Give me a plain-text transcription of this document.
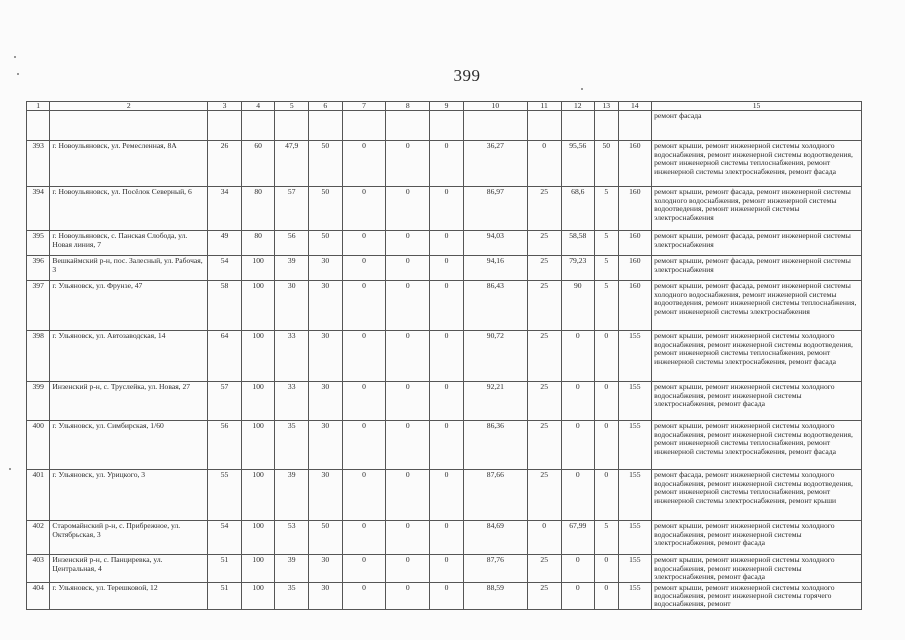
399
1	2	3	4	5	6	7	8	9	10	11	12	13	14	15
														ремонт фасада
393	г. Новоульяновск, ул. Ремесленная, 8А	26	60	47,9	50	0	0	0	36,27	0	95,56	50	160	ремонт крыши, ремонт инженерной системы холодного водоснабжения, ремонт инженерной системы водоотведения, ремонт инженерной системы теплоснабжения, ремонт инженерной системы электроснабжения, ремонт фасада
394	г. Новоульяновск, ул. Посёлок Северный, 6	34	80	57	50	0	0	0	86,97	25	68,6	5	160	ремонт крыши, ремонт фасада, ремонт инженерной системы холодного водоснабжения, ремонт инженерной системы водоотведения, ремонт инженерной системы электроснабжения
395	г. Новоульяновск, с. Панская Слобода, ул. Новая линия, 7	49	80	56	50	0	0	0	94,03	25	58,58	5	160	ремонт крыши, ремонт фасада, ремонт инженерной системы электроснабжения
396	Вешкаймский р-н, пос. Залесный, ул. Рабочая, 3	54	100	39	30	0	0	0	94,16	25	79,23	5	160	ремонт крыши, ремонт фасада, ремонт инженерной системы электроснабжения
397	г. Ульяновск, ул. Фрунзе, 47	58	100	30	30	0	0	0	86,43	25	90	5	160	ремонт крыши, ремонт фасада, ремонт инженерной системы холодного водоснабжения, ремонт инженерной системы водоотведения, ремонт инженерной системы теплоснабжения, ремонт инженерной системы электроснабжения
398	г. Ульяновск, ул. Автозаводская, 14	64	100	33	30	0	0	0	90,72	25	0	0	155	ремонт крыши, ремонт инженерной системы холодного водоснабжения, ремонт инженерной системы водоотведения, ремонт инженерной системы теплоснабжения, ремонт инженерной системы электроснабжения, ремонт фасада
399	Инзенский р-н, с. Труслейка, ул. Новая, 27	57	100	33	30	0	0	0	92,21	25	0	0	155	ремонт крыши, ремонт инженерной системы холодного водоснабжения, ремонт инженерной системы электроснабжения, ремонт фасада
400	г. Ульяновск, ул. Симбирская, 1/60	56	100	35	30	0	0	0	86,36	25	0	0	155	ремонт крыши, ремонт инженерной системы холодного водоснабжения, ремонт инженерной системы водоотведения, ремонт инженерной системы теплоснабжения, ремонт инженерной системы электроснабжения, ремонт фасада
401	г. Ульяновск, ул. Урицкого, 3	55	100	39	30	0	0	0	87,66	25	0	0	155	ремонт фасада, ремонт инженерной системы холодного водоснабжения, ремонт инженерной системы водоотведения, ремонт инженерной системы теплоснабжения, ремонт инженерной системы электроснабжения, ремонт крыши
402	Старомайнский р-н, с. Прибрежное, ул. Октябрьская, 3	54	100	53	50	0	0	0	84,69	0	67,99	5	155	ремонт крыши, ремонт инженерной системы холодного водоснабжения, ремонт инженерной системы электроснабжения, ремонт фасада
403	Инзенский р-н, с. Панциревка, ул. Центральная, 4	51	100	39	30	0	0	0	87,76	25	0	0	155	ремонт крыши, ремонт инженерной системы холодного водоснабжения, ремонт инженерной системы электроснабжения, ремонт фасада
404	г. Ульяновск, ул. Терешковой, 12	51	100	35	30	0	0	0	88,59	25	0	0	155	ремонт крыши, ремонт инженерной системы холодного водоснабжения, ремонт инженерной системы горячего водоснабжения, ремонт
